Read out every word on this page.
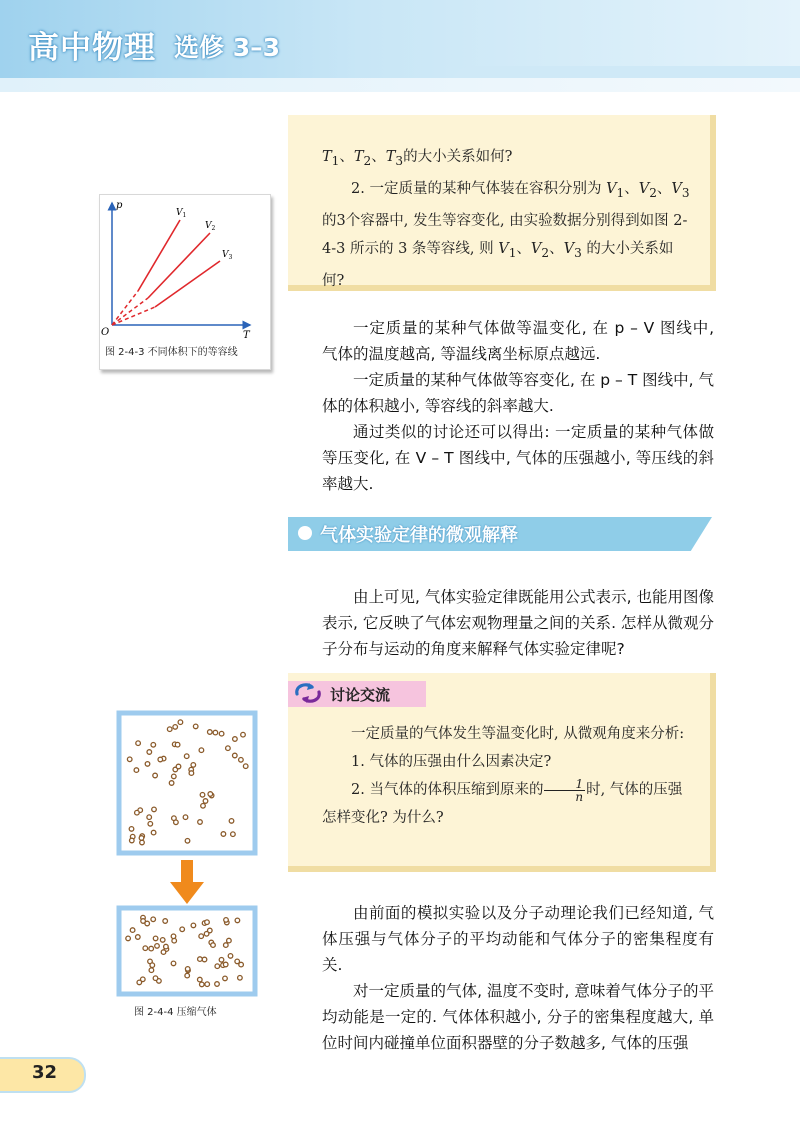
高中物理 选修 3–3

$T_1$、$T_2$、$T_3$的大小关系如何?

2. 一定质量的某种气体装在容积分别为 $V_1$、$V_2$、$V_3$ 的3个容器中, 发生等容变化, 由实验数据分别得到如图 2-4-3 所示的 3 条等容线, 则 $V_1$、$V_2$、$V_3$ 的大小关系如何?

p
T
O
$V_1$
$V_2$
$V_3$
图 2-4-3 不同体积下的等容线

一定质量的某种气体做等温变化, 在 p – V 图线中, 气体的温度越高, 等温线离坐标原点越远.

一定质量的某种气体做等容变化, 在 p – T 图线中, 气体的体积越小, 等容线的斜率越大.

通过类似的讨论还可以得出: 一定质量的某种气体做等压变化, 在 V – T 图线中, 气体的压强越小, 等压线的斜率越大.

气体实验定律的微观解释

由上可见, 气体实验定律既能用公式表示, 也能用图像表示, 它反映了气体宏观物理量之间的关系. 怎样从微观分子分布与运动的角度来解释气体实验定律呢?

讨论交流

一定质量的气体发生等温变化时, 从微观角度来分析:

1. 气体的压强由什么因素决定?

2. 当气体的体积压缩到原来的 $\frac{1}{n}$ 时, 气体的压强怎样变化? 为什么?

图 2-4-4 压缩气体

由前面的模拟实验以及分子动理论我们已经知道, 气体压强与气体分子的平均动能和气体分子的密集程度有关.

对一定质量的气体, 温度不变时, 意味着气体分子的平均动能是一定的. 气体体积越小, 分子的密集程度越大, 单位时间内碰撞单位面积器壁的分子数越多, 气体的压强

32
